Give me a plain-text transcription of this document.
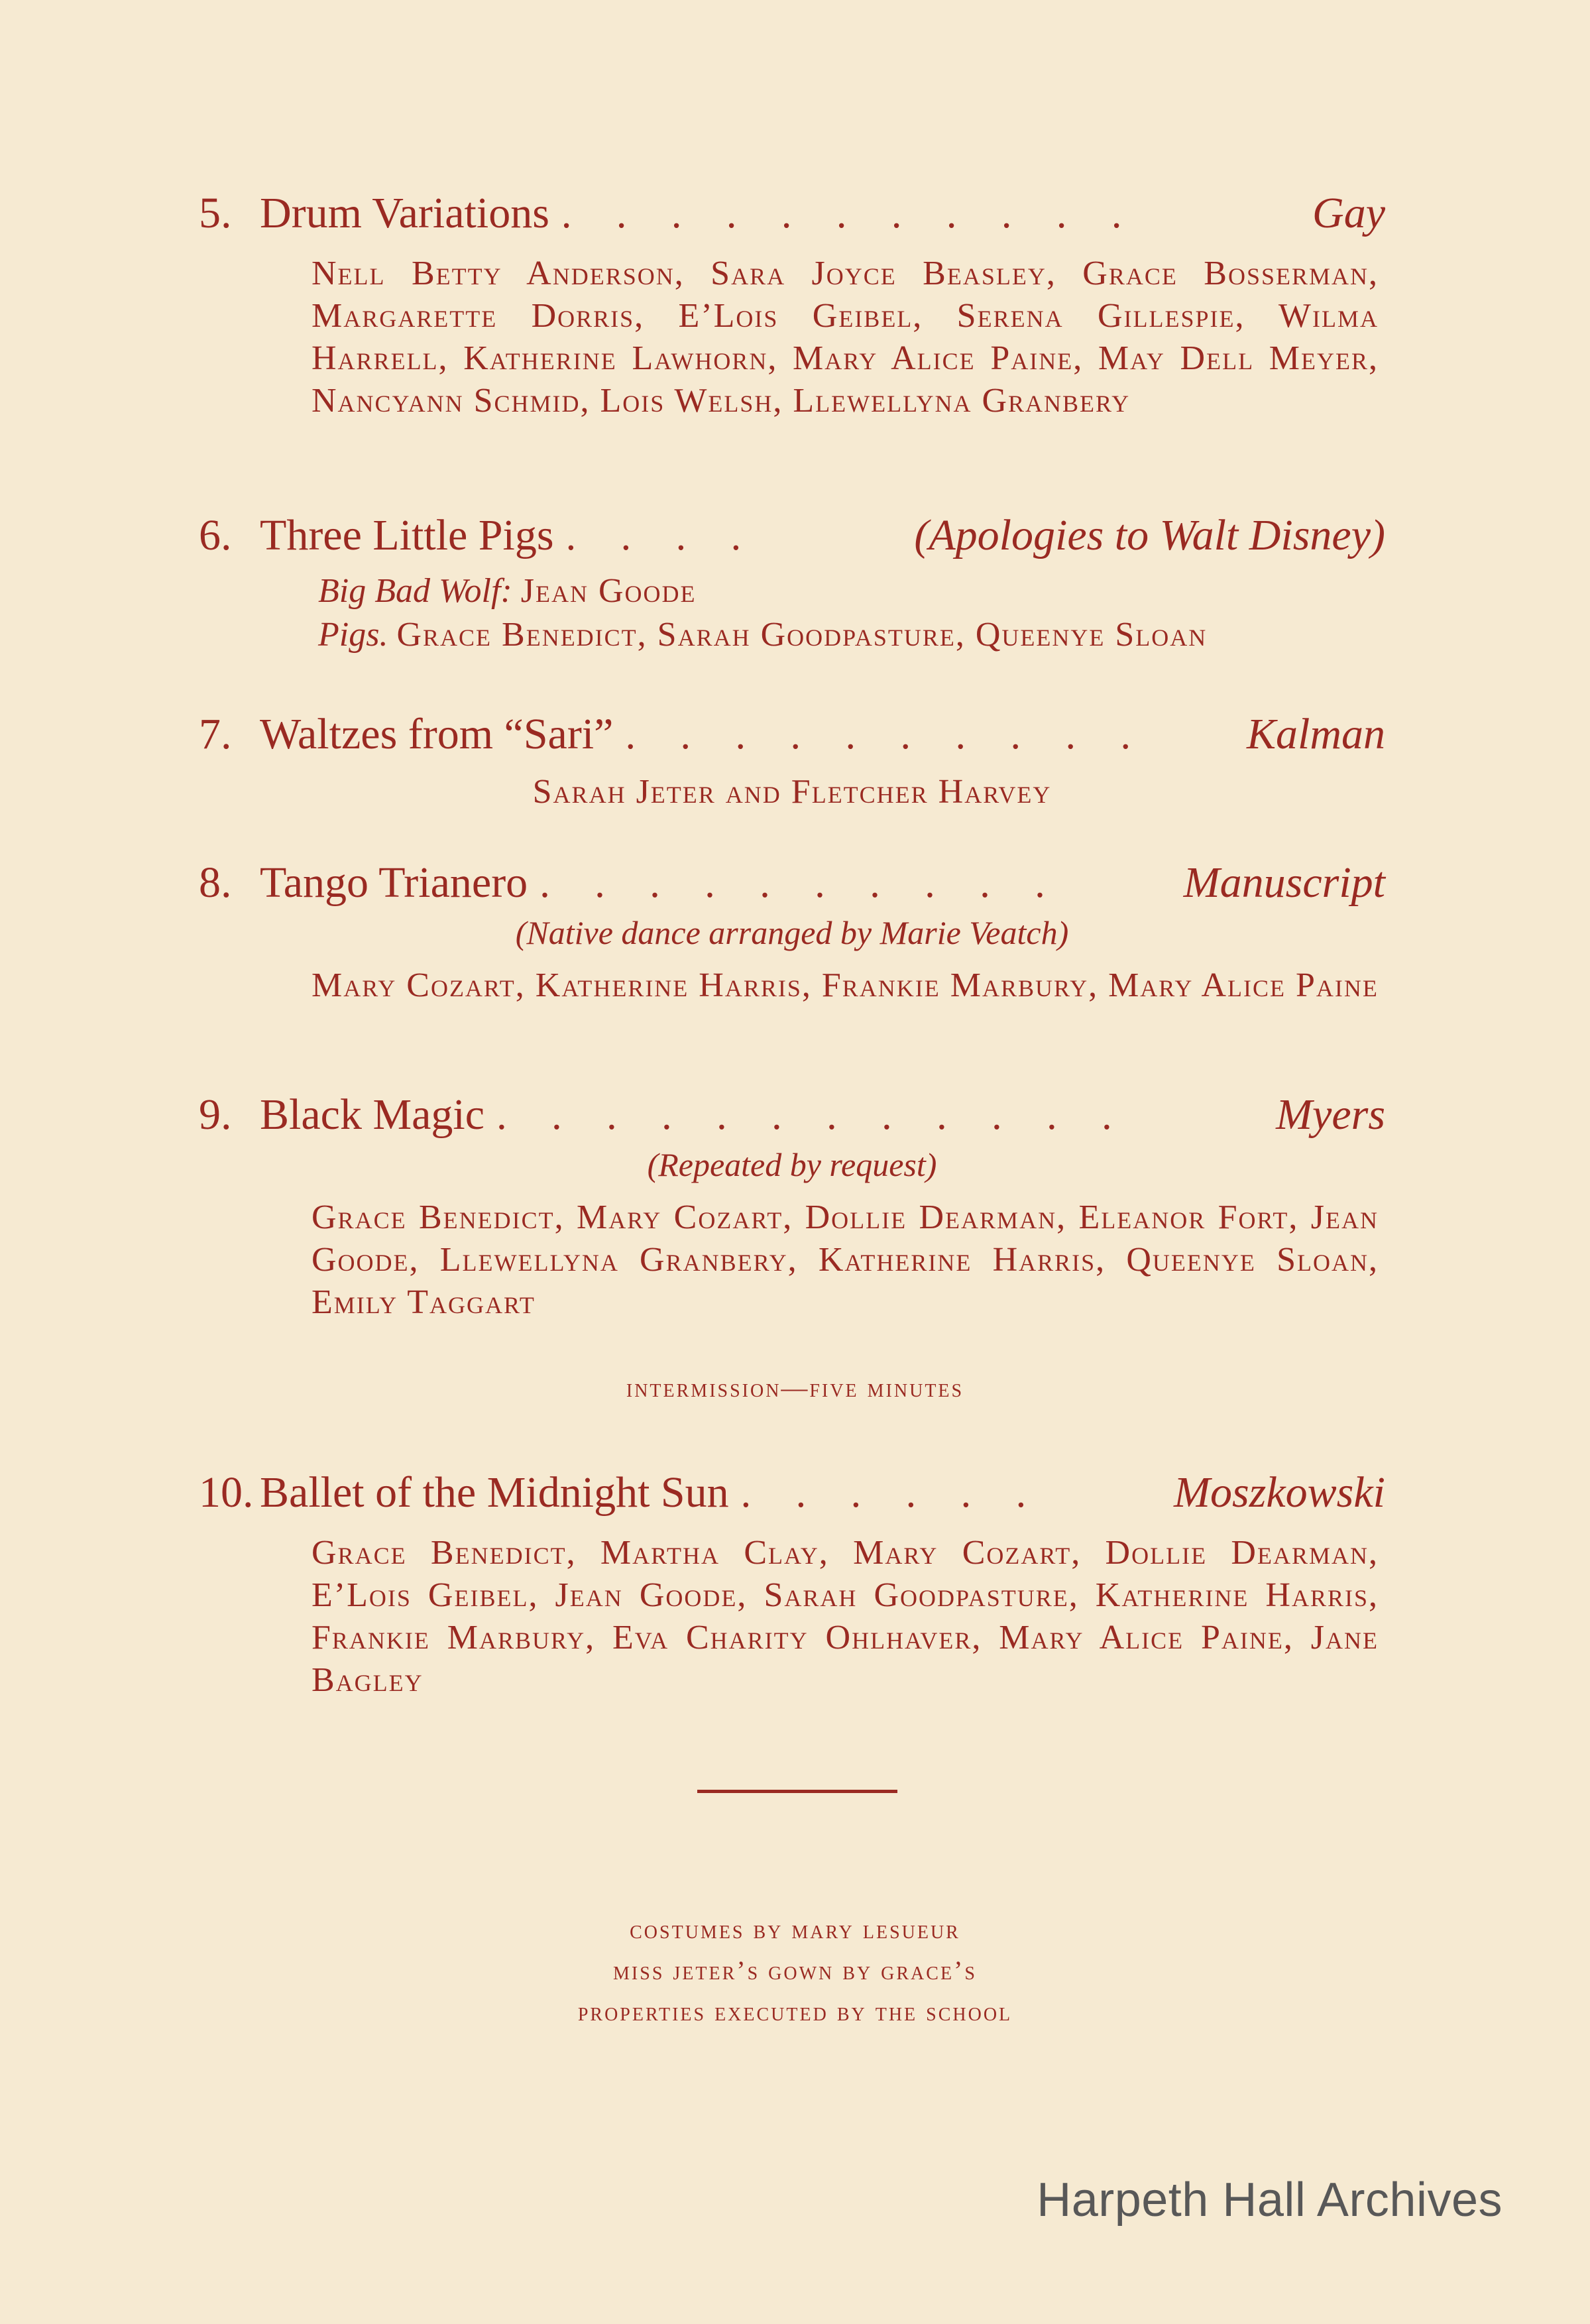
5. Drum Variations . . . . . . . . . . .	Gay
Nell Betty Anderson, Sara Joyce Beasley, Grace Bosserman, Margarette Dorris, E’Lois Geibel, Serena Gillespie, Wilma Harrell, Katherine Lawhorn, Mary Alice Paine, May Dell Meyer, Nancyann Schmid, Lois Welsh, Llewellyna Granbery
6. Three Little Pigs . . . .	(Apologies to Walt Disney)
Big Bad Wolf: Jean Goode
Pigs. Grace Benedict, Sarah Goodpasture, Queenye Sloan
7. Waltzes from “Sari” . . . . . . . . . .	Kalman
Sarah Jeter and Fletcher Harvey
8. Tango Trianero . . . . . . . . . .	Manuscript
(Native dance arranged by Marie Veatch)
Mary Cozart, Katherine Harris, Frankie Marbury, Mary Alice Paine
9. Black Magic . . . . . . . . . . . .	Myers
(Repeated by request)
Grace Benedict, Mary Cozart, Dollie Dearman, Eleanor Fort, Jean Goode, Llewellyna Granbery, Katherine Harris, Queenye Sloan, Emily Taggart
intermission—five minutes
10. Ballet of the Midnight Sun . . . . . .	Moszkowski
Grace Benedict, Martha Clay, Mary Cozart, Dollie Dearman, E’Lois Geibel, Jean Goode, Sarah Goodpasture, Katherine Harris, Frankie Marbury, Eva Charity Ohlhaver, Mary Alice Paine, Jane Bagley
costumes by mary lesueur
miss jeter’s gown by grace’s
properties executed by the school
Harpeth Hall Archives
